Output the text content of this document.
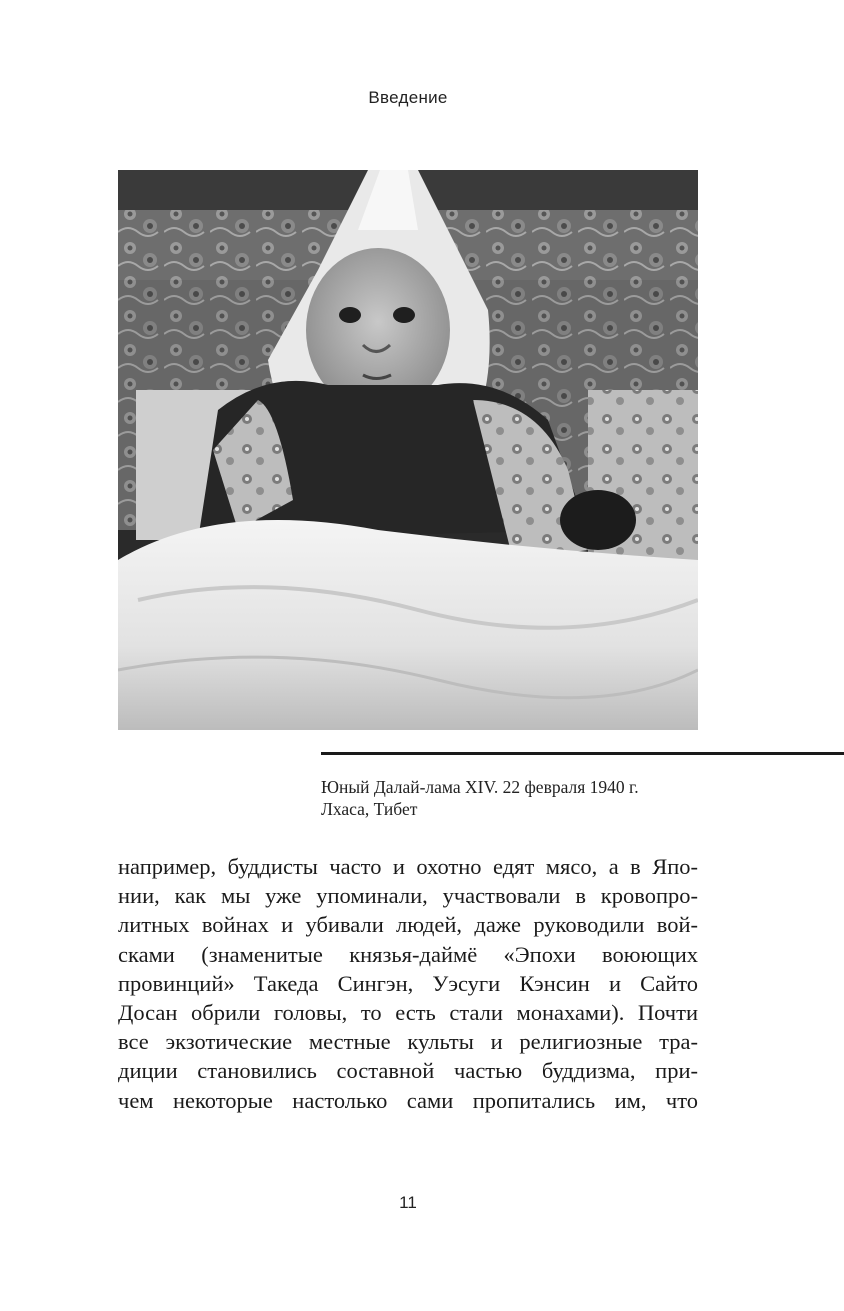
Введение
Юный Далай-лама XIV. 22 февраля 1940 г.
Лхаса, Тибет
например, буддисты часто и охотно едят мясо, а в Япо-
нии, как мы уже упоминали, участвовали в кровопро-
литных войнах и убивали людей, даже руководили вой-
сками (знаменитые князья-даймё «Эпохи воюющих
провинций» Такеда Сингэн, Уэсуги Кэнсин и Сайто
Досан обрили головы, то есть стали монахами). Почти
все экзотические местные культы и религиозные тра-
диции становились составной частью буддизма, при-
чем некоторые настолько сами пропитались им, что
11
